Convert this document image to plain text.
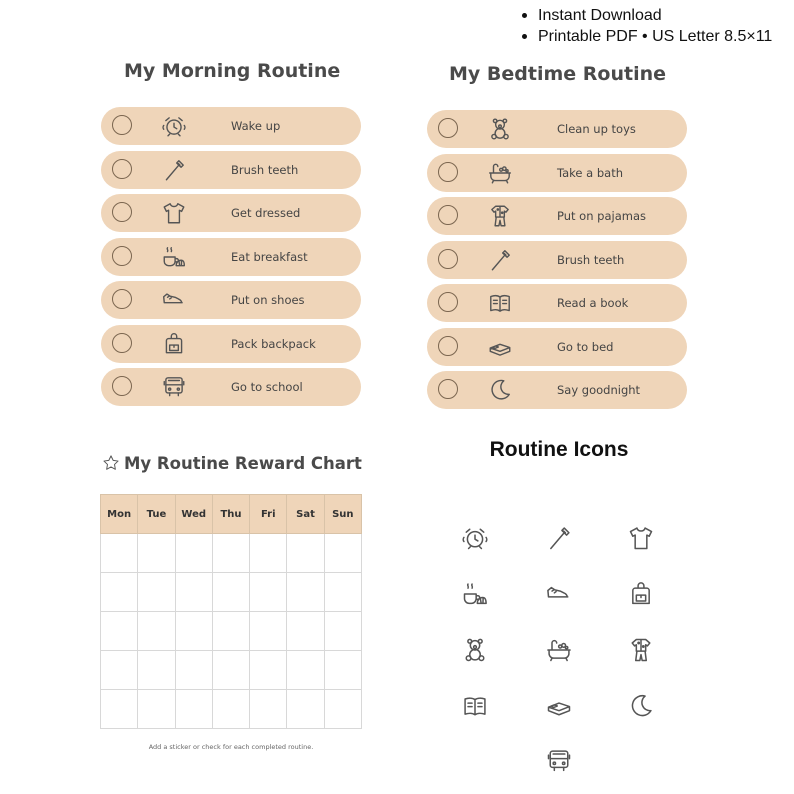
Instant Download
Printable PDF • US Letter 8.5×11
My Morning Routine
Wake up
Brush teeth
Get dressed
Eat breakfast
Put on shoes
Pack backpack
Go to school
My Bedtime Routine
Clean up toys
Take a bath
Put on pajamas
Brush teeth
Read a book
Go to bed
Say goodnight
My Routine Reward Chart
Mon	Tue	Wed	Thu	Fri	Sat	Sun

Add a sticker or check for each completed routine.
Routine Icons
